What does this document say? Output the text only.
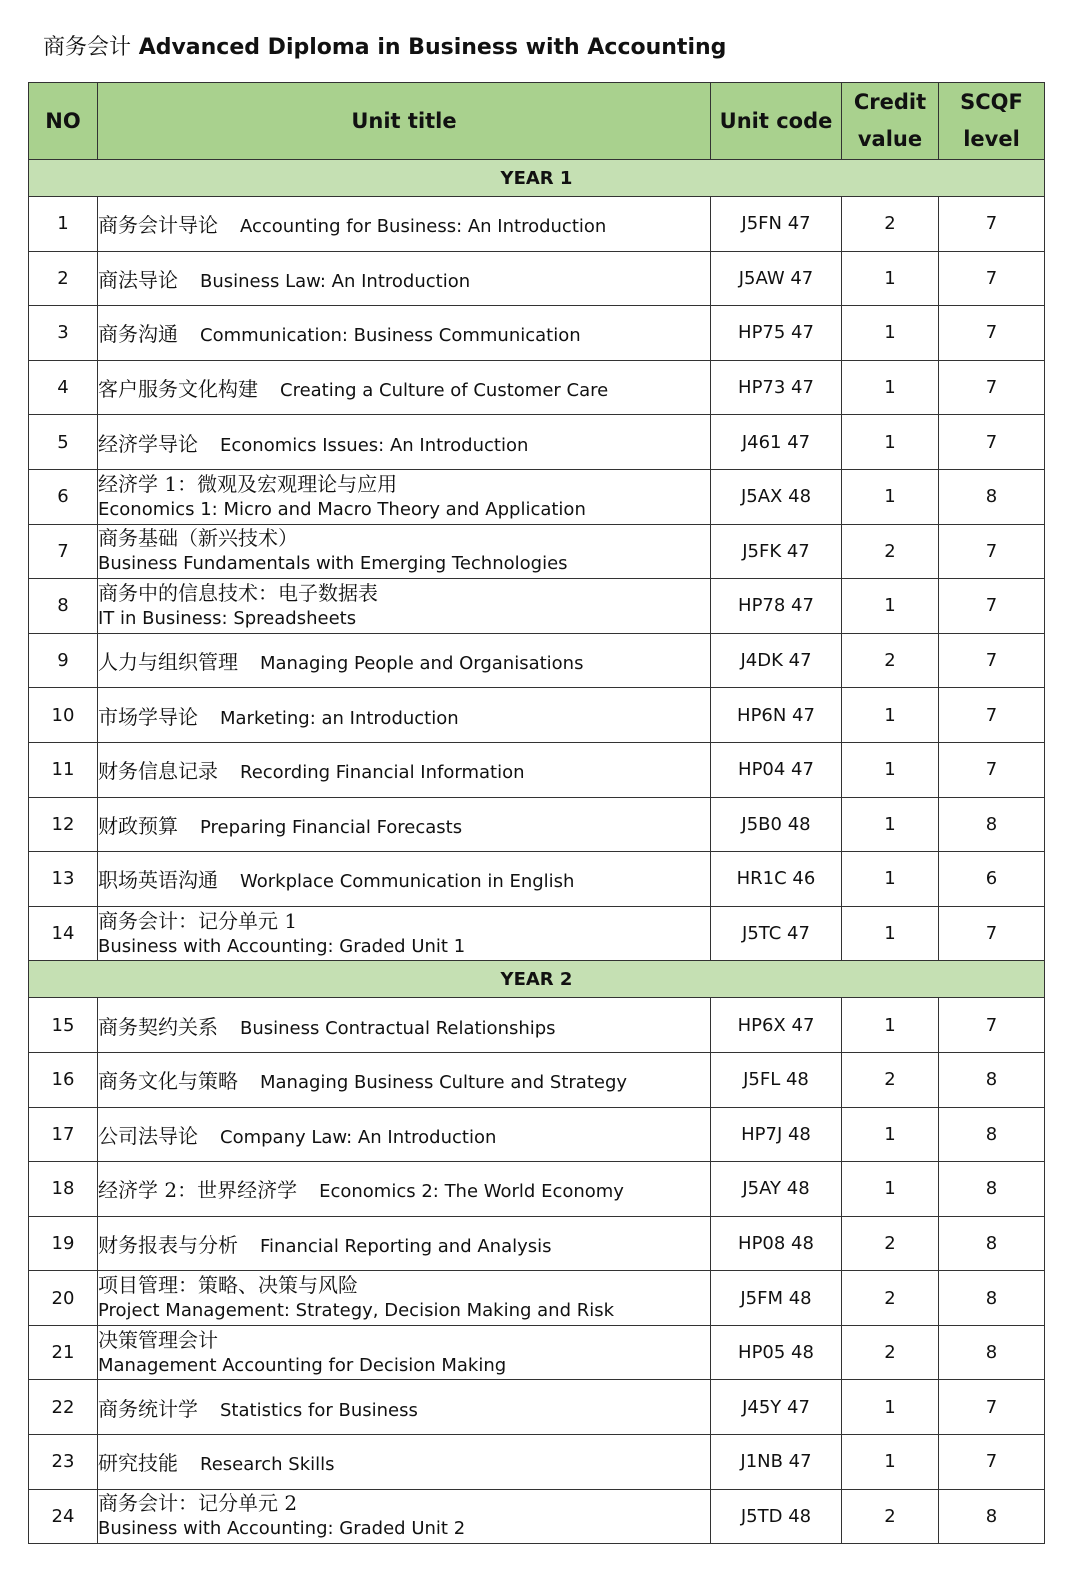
商务会计 Advanced Diploma in Business with Accounting
NO	Unit title	Unit code	Credit value	SCQF level
YEAR 1				
1	商务会计导论 Accounting for Business: An Introduction	J5FN 47	2	7
2	商法导论 Business Law: An Introduction	J5AW 47	1	7
3	商务沟通 Communication: Business Communication	HP75 47	1	7
4	客户服务文化构建 Creating a Culture of Customer Care	HP73 47	1	7
5	经济学导论 Economics Issues: An Introduction	J461 47	1	7
6	经济学 1：微观及宏观理论与应用
Economics 1: Micro and Macro Theory and Application	J5AX 48	1	8
7	商务基础（新兴技术）
Business Fundamentals with Emerging Technologies	J5FK 47	2	7
8	商务中的信息技术：电子数据表
IT in Business: Spreadsheets	HP78 47	1	7
9	人力与组织管理 Managing People and Organisations	J4DK 47	2	7
10	市场学导论 Marketing: an Introduction	HP6N 47	1	7
11	财务信息记录 Recording Financial Information	HP04 47	1	7
12	财政预算 Preparing Financial Forecasts	J5B0 48	1	8
13	职场英语沟通 Workplace Communication in English	HR1C 46	1	6
14	商务会计：记分单元 1
Business with Accounting: Graded Unit 1	J5TC 47	1	7
YEAR 2				
15	商务契约关系 Business Contractual Relationships	HP6X 47	1	7
16	商务文化与策略 Managing Business Culture and Strategy	J5FL 48	2	8
17	公司法导论 Company Law: An Introduction	HP7J 48	1	8
18	经济学 2：世界经济学 Economics 2: The World Economy	J5AY 48	1	8
19	财务报表与分析 Financial Reporting and Analysis	HP08 48	2	8
20	项目管理：策略、决策与风险
Project Management: Strategy, Decision Making and Risk	J5FM 48	2	8
21	决策管理会计
Management Accounting for Decision Making	HP05 48	2	8
22	商务统计学 Statistics for Business	J45Y 47	1	7
23	研究技能 Research Skills	J1NB 47	1	7
24	商务会计：记分单元 2
Business with Accounting: Graded Unit 2	J5TD 48	2	8
